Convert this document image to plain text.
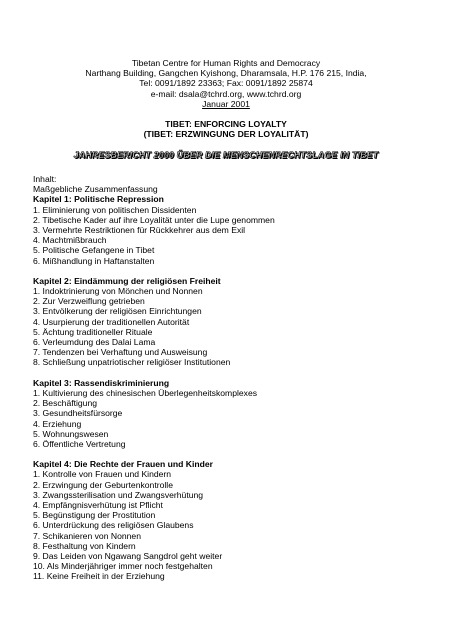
Tibetan Centre for Human Rights and Democracy
Narthang Building, Gangchen Kyishong, Dharamsala, H.P. 176 215, India,
Tel: 0091/1892 23363; Fax: 0091/1892 25874
e-mail: dsala@tchrd.org, www.tchrd.org
Januar 2001
TIBET: ENFORCING LOYALTY
(TIBET: ERZWINGUNG DER LOYALITÄT)
JAHRESBERICHT 2000 ÜBER DIE MENSCHENRECHTSLAGE IN TIBET
Inhalt:
Maßgebliche Zusammenfassung
Kapitel 1: Politische Repression
1. Eliminierung von politischen Dissidenten
2. Tibetische Kader auf ihre Loyalität unter die Lupe genommen
3. Vermehrte Restriktionen für Rückkehrer aus dem Exil
4. Machtmißbrauch
5. Politische Gefangene in Tibet
6. Mißhandlung in Haftanstalten
Kapitel 2: Eindämmung der religiösen Freiheit
1. Indoktrinierung von Mönchen und Nonnen
2. Zur Verzweiflung getrieben
3. Entvölkerung der religiösen Einrichtungen
4. Usurpierung der traditionellen Autorität
5. Ächtung traditioneller Rituale
6. Verleumdung des Dalai Lama
7. Tendenzen bei Verhaftung und Ausweisung
8. Schließung unpatriotischer religiöser Institutionen
Kapitel 3: Rassendiskriminierung
1. Kultivierung des chinesischen Überlegenheitskomplexes
2. Beschäftigung
3. Gesundheitsfürsorge
4. Erziehung
5. Wohnungswesen
6. Öffentliche Vertretung
Kapitel 4: Die Rechte der Frauen und Kinder
1. Kontrolle von Frauen und Kindern
2. Erzwingung der Geburtenkontrolle
3. Zwangssterilisation und Zwangsverhütung
4. Empfängnisverhütung ist Pflicht
5. Begünstigung der Prostitution
6. Unterdrückung des religiösen Glaubens
7. Schikanieren von Nonnen
8. Festhaltung von Kindern
9. Das Leiden von Ngawang Sangdrol geht weiter
10. Als Minderjähriger immer noch festgehalten
11. Keine Freiheit in der Erziehung
